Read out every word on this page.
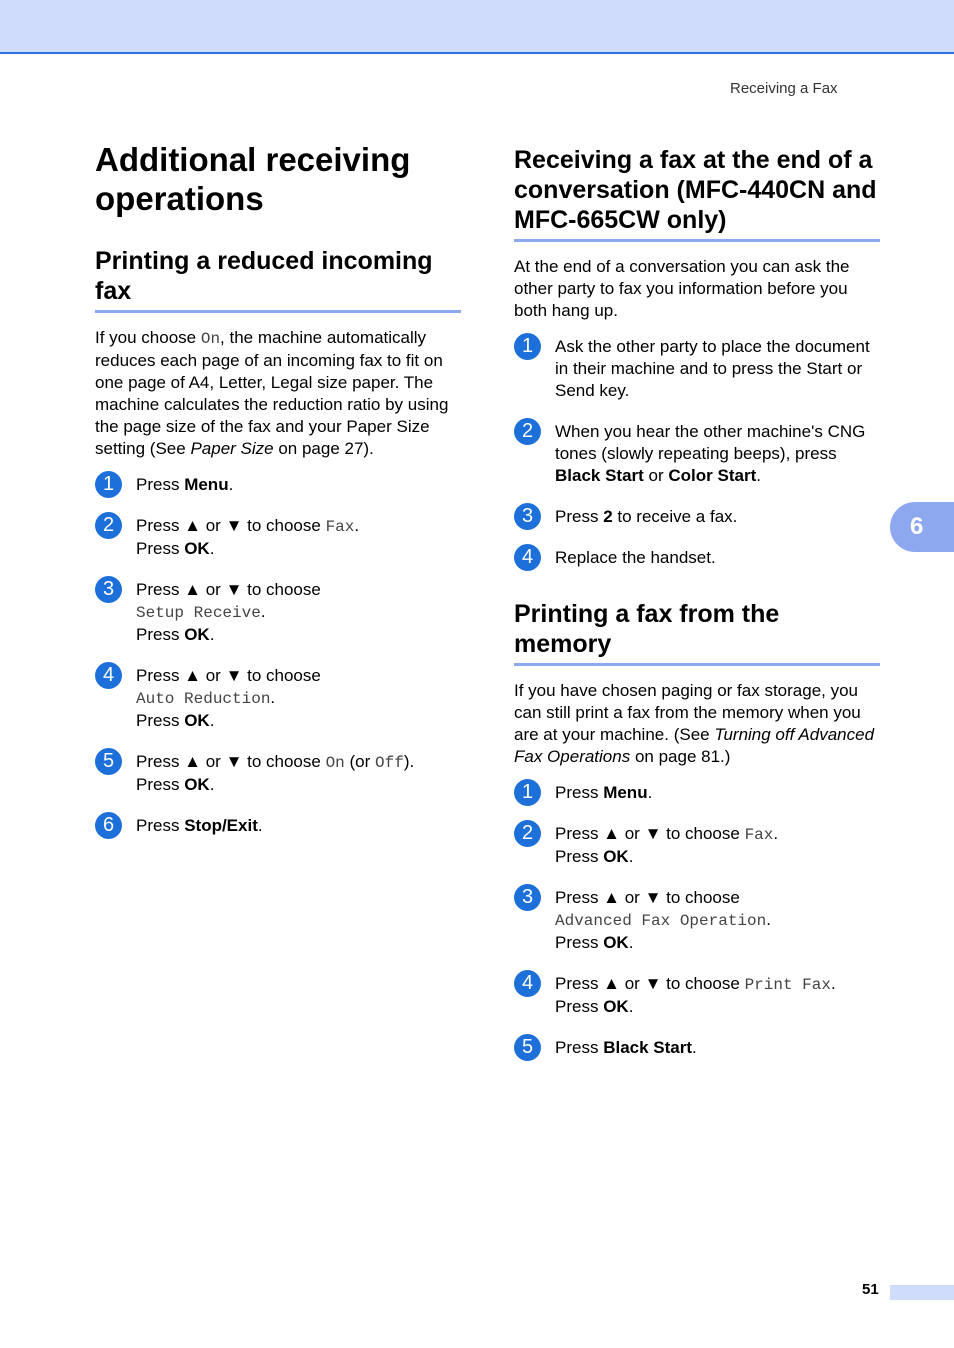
Receiving a Fax
Additional receiving operations
Printing a reduced incoming fax

If you choose On, the machine automatically reduces each page of an incoming fax to fit on one page of A4, Letter, Legal size paper. The machine calculates the reduction ratio by using the page size of the fax and your Paper Size setting (See Paper Size on page 27).

1	Press Menu.
2	Press ▲ or ▼ to choose Fax.
Press OK.
3	Press ▲ or ▼ to choose
Setup Receive.
Press OK.
4	Press ▲ or ▼ to choose
Auto Reduction.
Press OK.
5	Press ▲ or ▼ to choose On (or Off).
Press OK.
6	Press Stop/Exit.
Receiving a fax at the end of a conversation (MFC-440CN and MFC-665CW only)

At the end of a conversation you can ask the other party to fax you information before you both hang up.

1	Ask the other party to place the document in their machine and to press the Start or Send key.
2	When you hear the other machine's CNG tones (slowly repeating beeps), press Black Start or Color Start.
3	Press 2 to receive a fax.
4	Replace the handset.
Printing a fax from the memory

If you have chosen paging or fax storage, you can still print a fax from the memory when you are at your machine. (See Turning off Advanced Fax Operations on page 81.)

1	Press Menu.
2	Press ▲ or ▼ to choose Fax.
Press OK.
3	Press ▲ or ▼ to choose
Advanced Fax Operation.
Press OK.
4	Press ▲ or ▼ to choose Print Fax.
Press OK.
5	Press Black Start.
6
51
